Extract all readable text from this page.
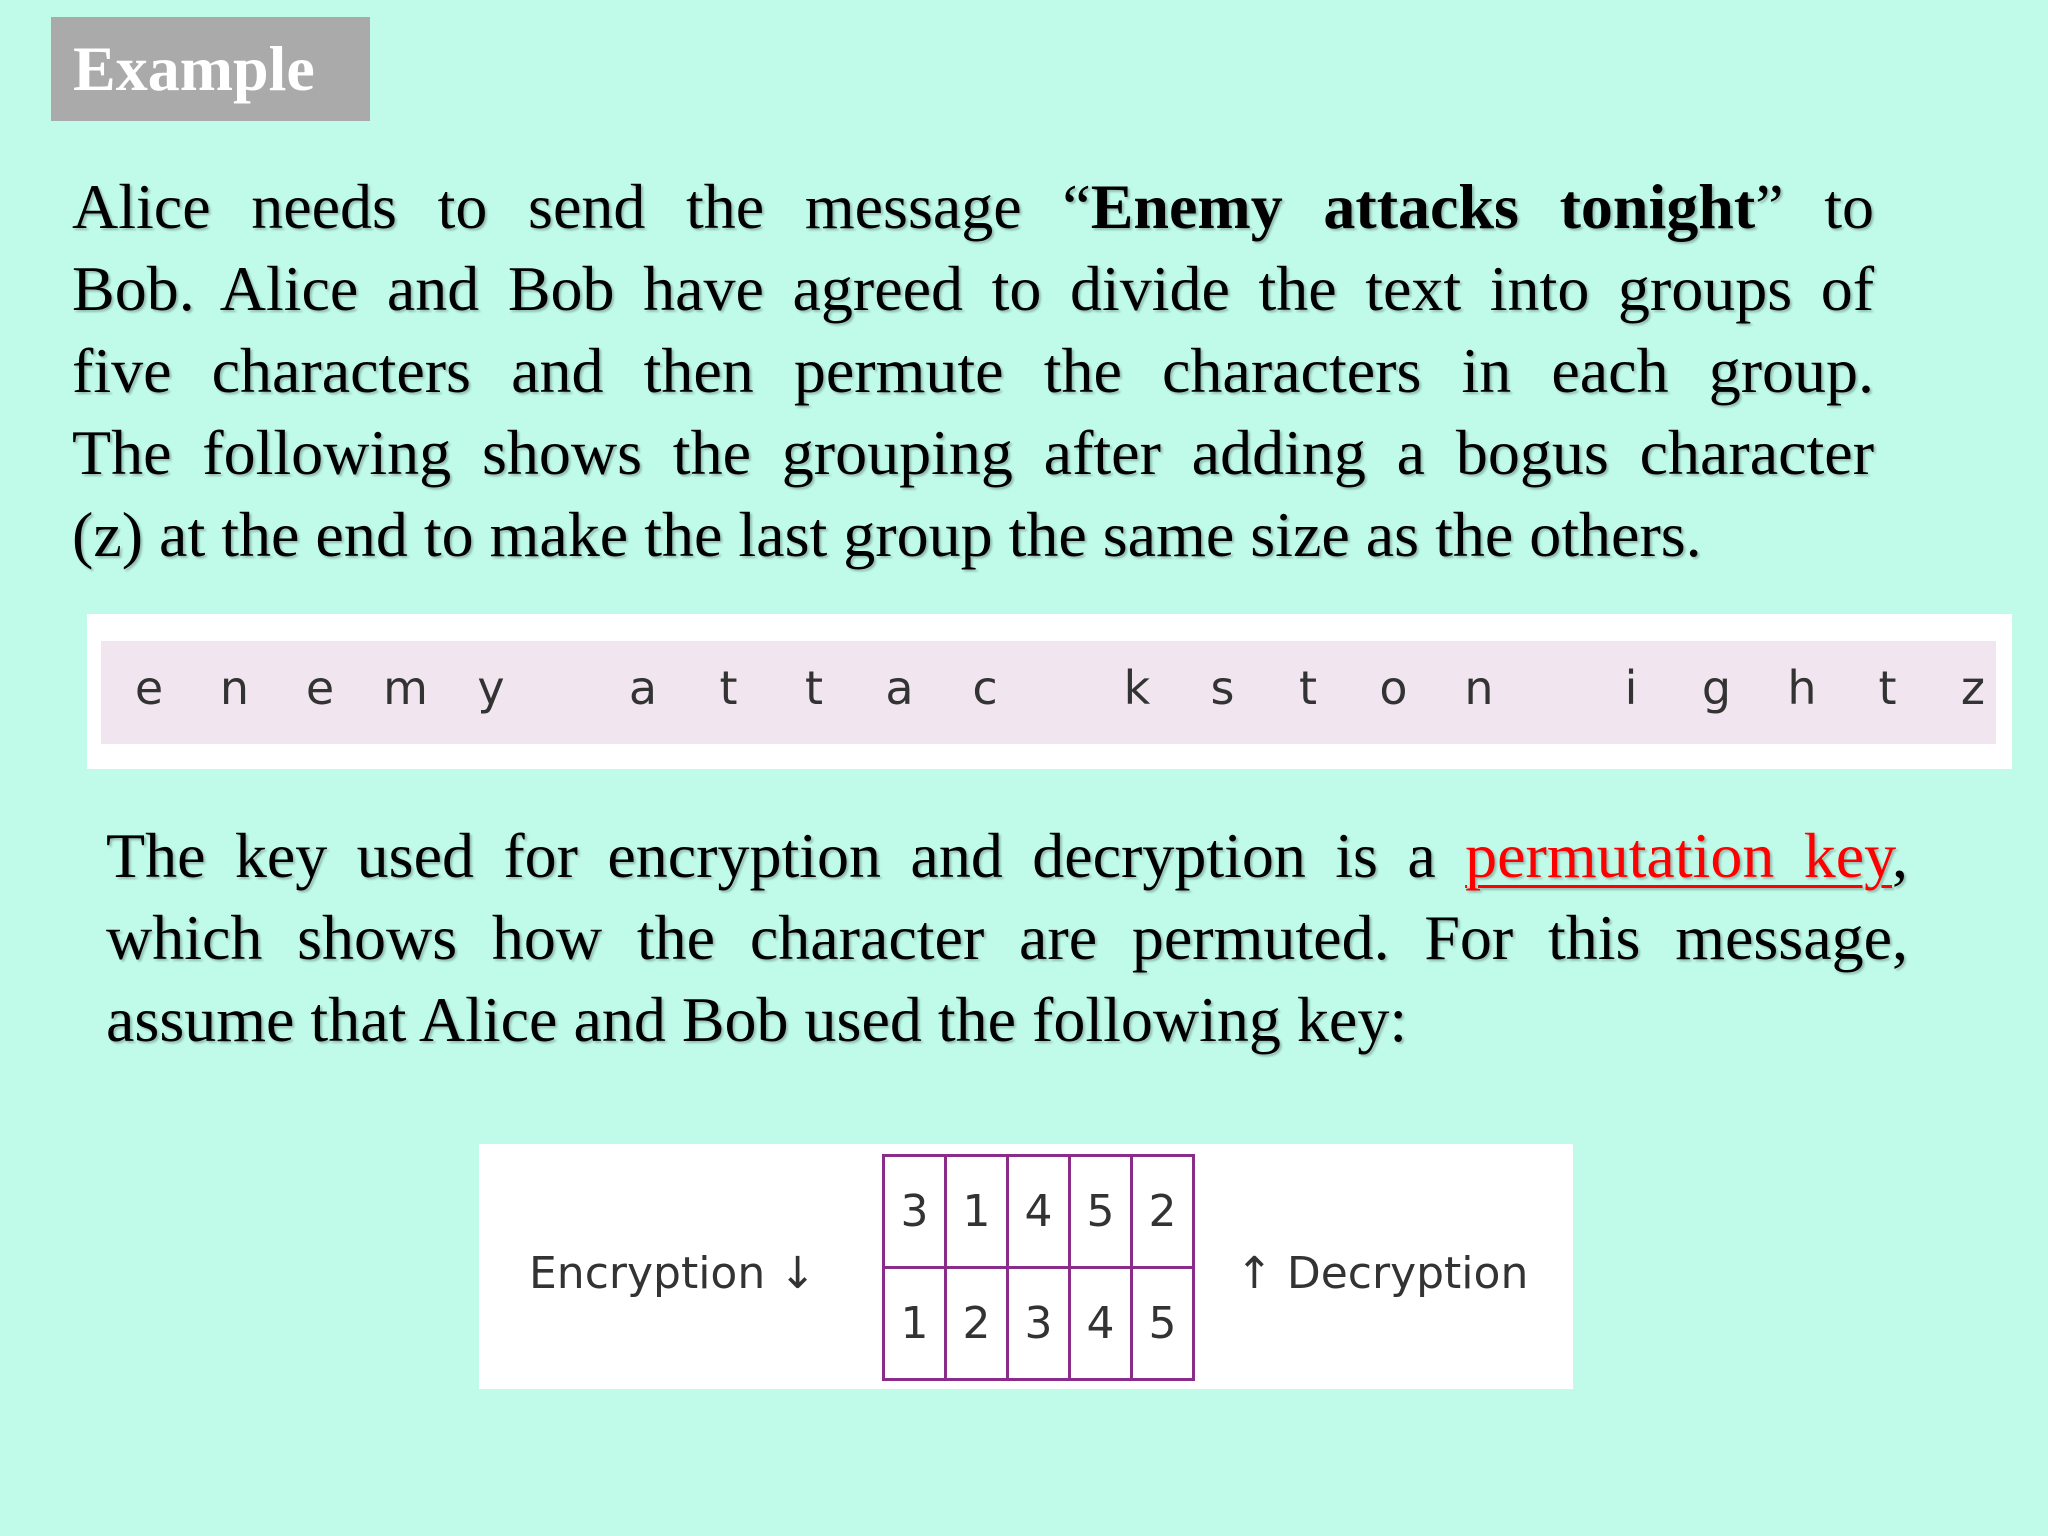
Example
Alice needs to send the message “Enemy attacks tonight” to
Bob. Alice and Bob have agreed to divide the text into groups of
five characters and then permute the characters in each group.
The following shows the grouping after adding a bogus character
(z) at the end to make the last group the same size as the others.
e n e m y	a t t a c	k s t o n	i g h t z
The key used for encryption and decryption is a permutation key,
which shows how the character are permuted. For this message,
assume that Alice and Bob used the following key:
Encryption ↓
3	1	4	5	2
1	2	3	4	5
↑ Decryption
